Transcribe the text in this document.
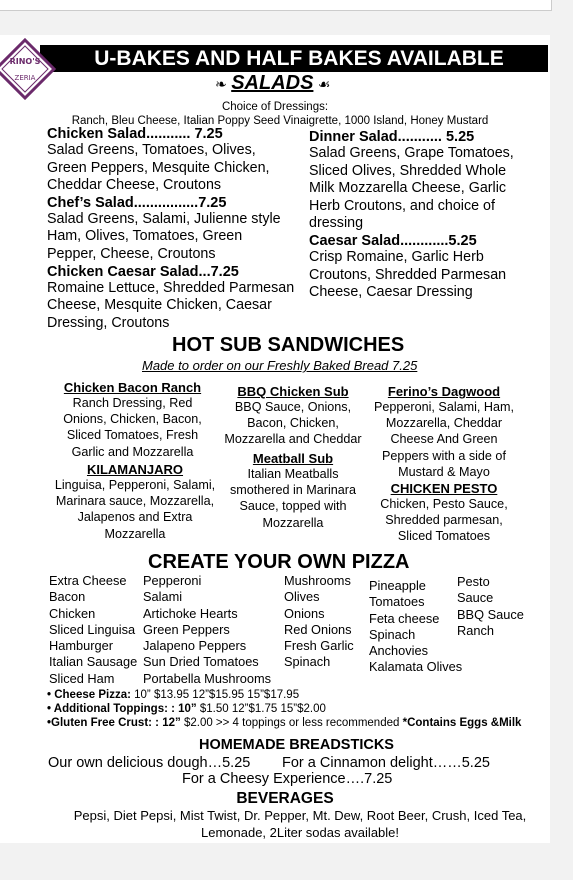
U-BAKES AND HALF BAKES AVAILABLE
RINO'S
ZERIA	❧ SALADS ☙
Choice of Dressings:
Ranch, Bleu Cheese, Italian Poppy Seed Vinaigrette, 1000 Island, Honey Mustard
Chicken Salad........... 7.25
Salad Greens, Tomatoes, Olives,
Green Peppers, Mesquite Chicken,
Cheddar Cheese, Croutons
Chef’s Salad................7.25
Salad Greens, Salami, Julienne style
Ham, Olives, Tomatoes, Green
Pepper, Cheese, Croutons
Chicken Caesar Salad...7.25
Romaine Lettuce, Shredded Parmesan
Cheese, Mesquite Chicken, Caesar
Dressing, Croutons
Dinner Salad........... 5.25
Salad Greens, Grape Tomatoes,
Sliced Olives, Shredded Whole
Milk Mozzarella Cheese, Garlic
Herb Croutons, and choice of
dressing
Caesar Salad............5.25
Crisp Romaine, Garlic Herb
Croutons, Shredded Parmesan
Cheese, Caesar Dressing
HOT SUB SANDWICHES
Made to order on our Freshly Baked Bread 7.25
Chicken Bacon Ranch
Ranch Dressing, Red
Onions, Chicken, Bacon,
Sliced Tomatoes, Fresh
Garlic and Mozzarella
KILAMANJARO
Linguisa, Pepperoni, Salami,
Marinara sauce, Mozzarella,
Jalapenos and Extra
Mozzarella
BBQ Chicken Sub
BBQ Sauce, Onions,
Bacon, Chicken,
Mozzarella and Cheddar
Meatball Sub
Italian Meatballs
smothered in Marinara
Sauce, topped with
Mozzarella
Ferino’s Dagwood
Pepperoni, Salami, Ham,
Mozzarella, Cheddar
Cheese And Green
Peppers with a side of
Mustard & Mayo
CHICKEN PESTO
Chicken, Pesto Sauce,
Shredded parmesan,
Sliced Tomatoes
CREATE YOUR OWN PIZZA
Extra Cheese
Bacon
Chicken
Sliced Linguisa
Hamburger
Italian Sausage
Sliced Ham
Pepperoni
Salami
Artichoke Hearts
Green Peppers
Jalapeno Peppers
Sun Dried Tomatoes
Portabella Mushrooms
Mushrooms
Olives
Onions
Red Onions
Fresh Garlic
Spinach
Pineapple
Tomatoes
Feta cheese
Spinach
Anchovies
Kalamata Olives
Pesto
Sauce
BBQ Sauce
Ranch
• Cheese Pizza: 10” $13.95 12”$15.95 15”$17.95
• Additional Toppings: : 10” $1.50 12”$1.75 15”$2.00
•Gluten Free Crust: : 12” $2.00 >> 4 toppings or less recommended *Contains Eggs &Milk
HOMEMADE BREADSTICKS
Our own delicious dough…5.25 For a Cinnamon delight……5.25
For a Cheesy Experience….7.25
BEVERAGES
Pepsi, Diet Pepsi, Mist Twist, Dr. Pepper, Mt. Dew, Root Beer, Crush, Iced Tea,
Lemonade, 2Liter sodas available!
